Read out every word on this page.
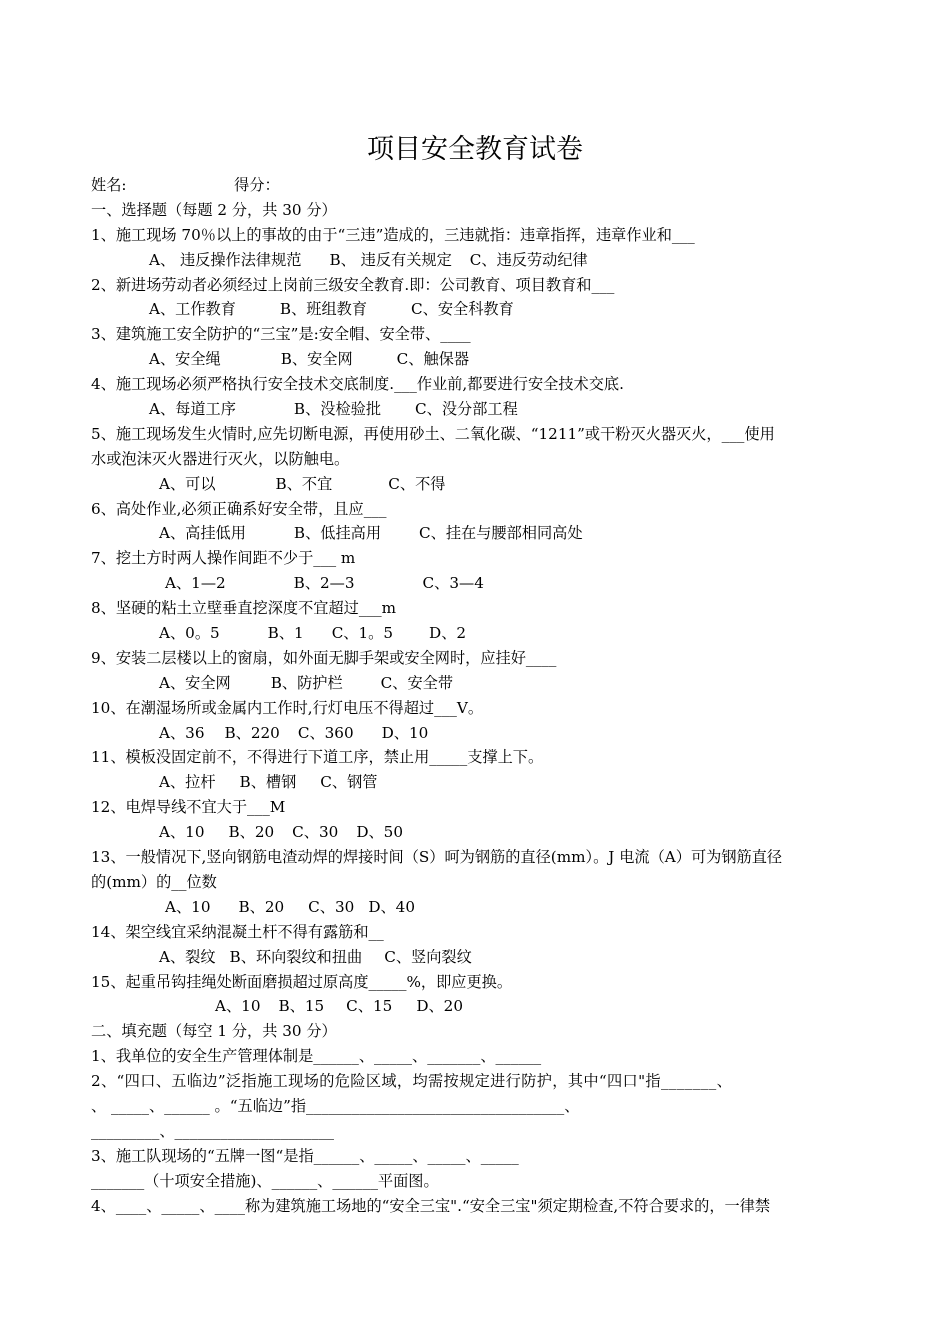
项目安全教育试卷
姓名:	得分：
一、选择题（每题 2 分，共 30 分）
1、施工现场 70％以上的事故的由于“三违”造成的，三违就指：违章指挥，违章作业和___
A、 违反操作法律规范 B、 违反有关规定 C、违反劳动纪律
2、新进场劳动者必须经过上岗前三级安全教育.即：公司教育、项目教育和___
A、工作教育	B、班组教育	C、安全科教育
3、建筑施工安全防护的“三宝”是:安全帽、安全带、____
A、安全绳	B、安全网	C、触保器
4、施工现场必须严格执行安全技术交底制度.___作业前,都要进行安全技术交底.
A、每道工序	B、没检验批 C、没分部工程
5、施工现场发生火情时,应先切断电源，再使用砂土、二氧化碳、“1211”或干粉灭火器灭火，___使用
水或泡沫灭火器进行灭火，以防触电。
A、可以	B、不宜	C、不得
6、高处作业,必须正确系好安全带，且应___
A、高挂低用	B、低挂高用	C、挂在与腰部相同高处
7、挖土方时两人操作间距不少于___ m
A、1—2	B、2—3	C、3—4
8、坚硬的粘土立壁垂直挖深度不宜超过___m
A、0。5	B、1 C、1。5 D、2
9、安装二层楼以上的窗扇，如外面无脚手架或安全网时，应挂好____
A、安全网	B、防护栏	C、安全带
10、在潮湿场所或金属内工作时,行灯电压不得超过___V。
A、36 B、220 C、360 D、10
11、模板没固定前不，不得进行下道工序，禁止用_____支撑上下。
A、拉杆 B、槽钢 C、钢管
12、电焊导线不宜大于___M
A、10 B、20 C、30 D、50
13、一般情况下,竖向钢筋电渣动焊的焊接时间（S）呵为钢筋的直径(mm）。J 电流（A）可为钢筋直径
的(mm）的__位数
A、10 B、20 C、30 D、40
14、架空线宜采纳混凝土杆不得有露筋和__
A、裂纹 B、环向裂纹和扭曲 C、竖向裂纹
15、起重吊钩挂绳处断面磨损超过原高度_____%，即应更换。
A、10 B、15 C、15 D、20
二、填充题（每空 1 分，共 30 分）
1、我单位的安全生产管理体制是______、_____、_______、______
2、“四口、五临边”泛指施工现场的危险区域，均需按规定进行防护，其中“四口"指_______、
、 _____、______ 。“五临边”指__________________________________、
_________、_____________________
3、施工队现场的“五牌一图“是指______、_____、_____、_____
_______（十项安全措施)、______、______平面图。
4、____、_____、____称为建筑施工场地的“安全三宝".“安全三宝"须定期检查,不符合要求的，一律禁
